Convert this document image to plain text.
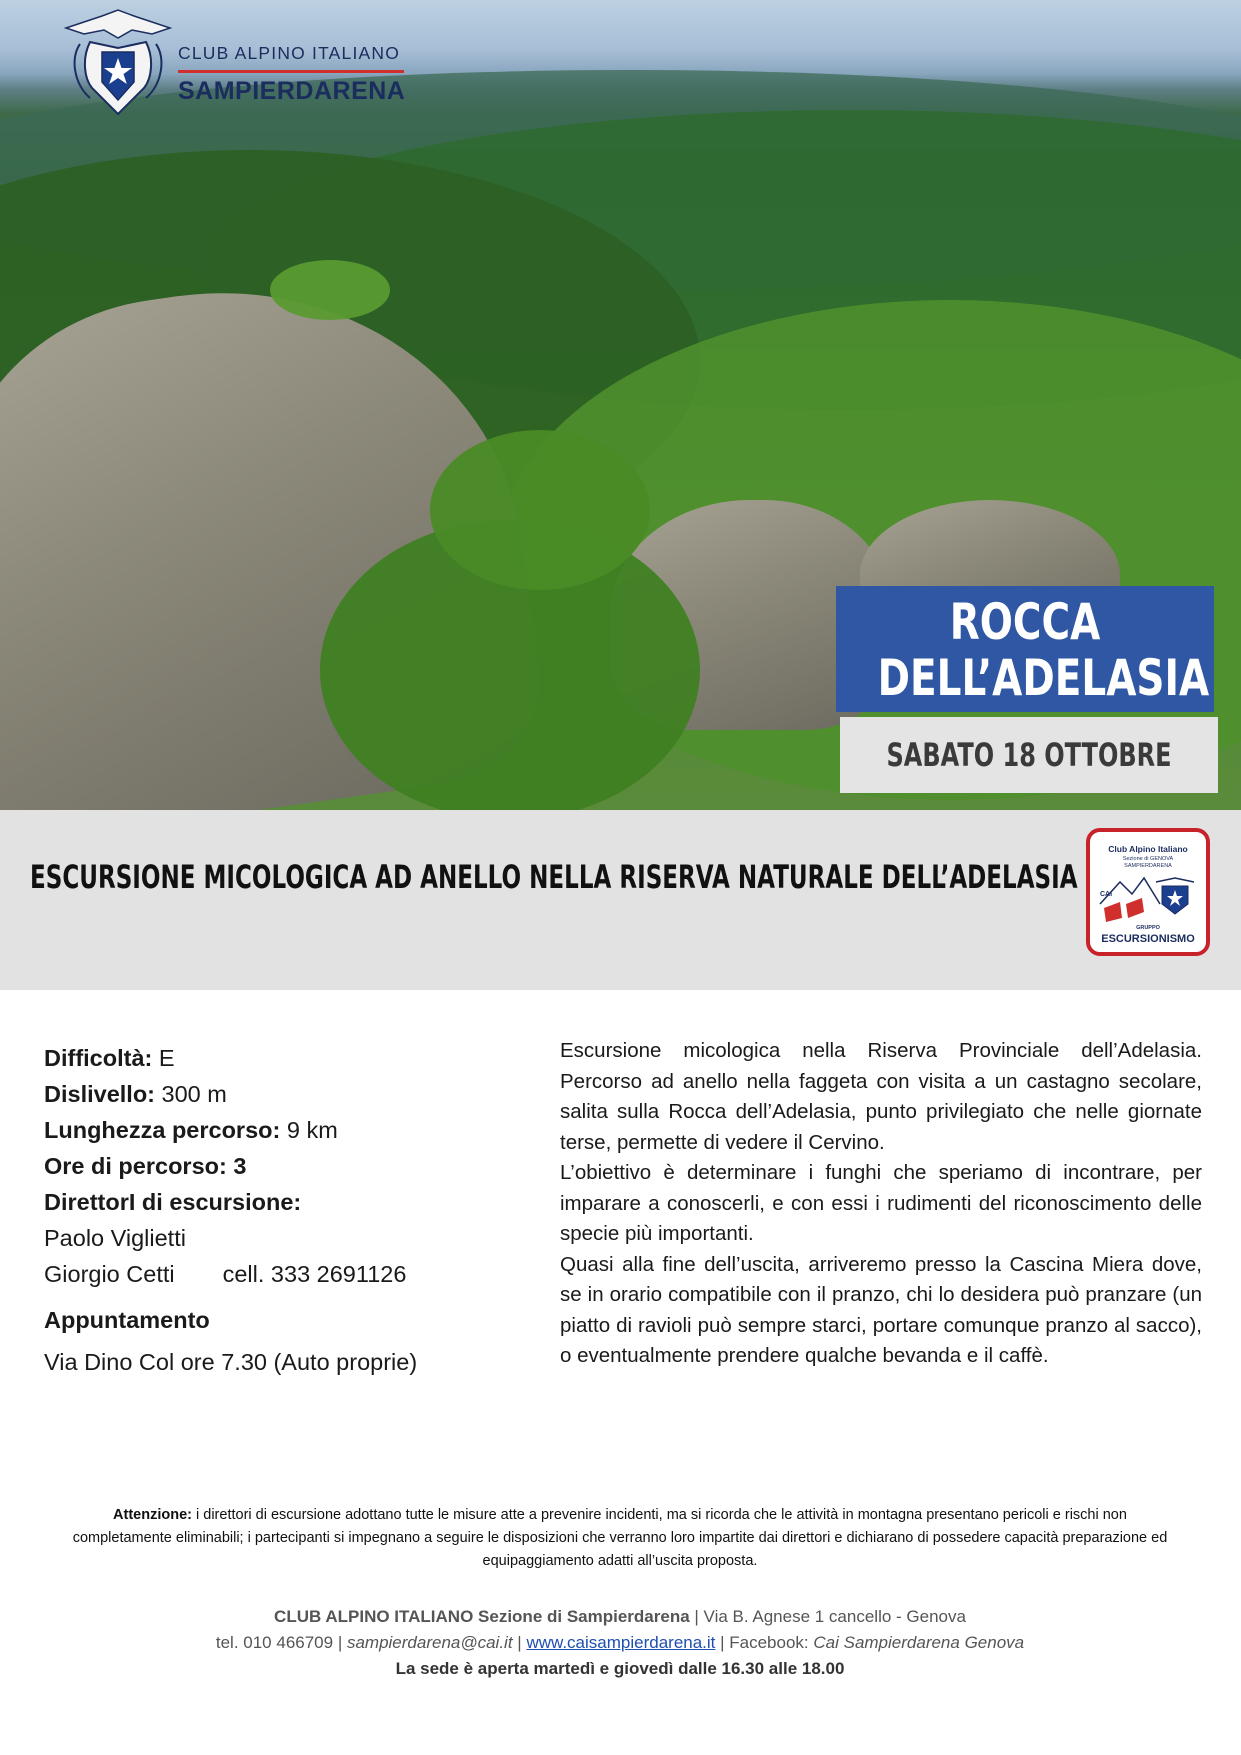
CLUB ALPINO ITALIANO
SAMPIERDARENA
ROCCA
DELL’ADELASIA
SABATO 18 OTTOBRE
ESCURSIONE MICOLOGICA AD ANELLO NELLA RISERVA NATURALE DELL’ADELASIA
Club Alpino Italiano
Sezione di GENOVA
SAMPIERDARENA
CAI
GRUPPO
ESCURSIONISMO
Difficoltà: E
Dislivello: 300 m
Lunghezza percorso: 9 km
Ore di percorso: 3
DirettorI di escursione:
Paolo Viglietti
Giorgio Cetti cell. 333 2691126
Appuntamento
Via Dino Col ore 7.30 (Auto proprie)

Escursione micologica nella Riserva Provinciale dell’Adelasia. Percorso ad anello nella faggeta con visita a un castagno secolare, salita sulla Rocca dell’Adelasia, punto privilegiato che nelle giornate terse, permette di vedere il Cervino.

L’obiettivo è determinare i funghi che speriamo di incontrare, per imparare a conoscerli, e con essi i rudimenti del riconoscimento delle specie più importanti.

Quasi alla fine dell’uscita, arriveremo presso la Cascina Miera dove, se in orario compatibile con il pranzo, chi lo desidera può pranzare (un piatto di ravioli può sempre starci, portare comunque pranzo al sacco), o eventualmente prendere qualche bevanda e il caffè.

Attenzione: i direttori di escursione adottano tutte le misure atte a prevenire incidenti, ma si ricorda che le attività in montagna presentano pericoli e rischi non completamente eliminabili; i partecipanti si impegnano a seguire le disposizioni che verranno loro impartite dai direttori e dichiarano di possedere capacità preparazione ed equipaggiamento adatti all’uscita proposta.
CLUB ALPINO ITALIANO Sezione di Sampierdarena | Via B. Agnese 1 cancello - Genova
tel. 010 466709 | sampierdarena@cai.it | www.caisampierdarena.it | Facebook: Cai Sampierdarena Genova
La sede è aperta martedì e giovedì dalle 16.30 alle 18.00
